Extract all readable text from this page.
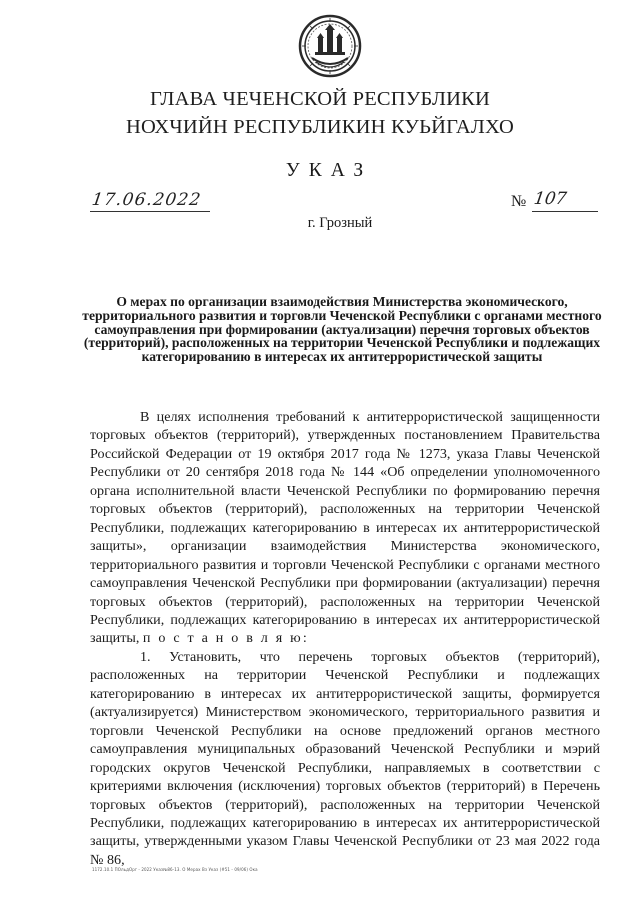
ГЛАВА ЧЕЧЕНСКОЙ РЕСПУБЛИКИ
НОХЧИЙН РЕСПУБЛИКИН КУЬЙГАЛХО
УКАЗ
17.06.2022	№ 107
г. Грозный
О мерах по организации взаимодействия Министерства экономического, территориального развития и торговли Чеченской Республики с органами местного самоуправления при формировании (актуализации) перечня торговых объектов (территорий), расположенных на территории Чеченской Республики и подлежащих категорированию в интересах их антитеррористической защиты

В целях исполнения требований к антитеррористической защищенности торговых объектов (территорий), утвержденных постановлением Правительства Российской Федерации от 19 октября 2017 года № 1273, указа Главы Чеченской Республики от 20 сентября 2018 года № 144 «Об определении уполномоченного органа исполнительной власти Чеченской Республики по формированию перечня торговых объектов (территорий), расположенных на территории Чеченской Республики, подлежащих категорированию в интересах их антитеррористической защиты», организации взаимодействия Министерства экономического, территориального развития и торговли Чеченской Республики с органами местного самоуправления Чеченской Республики при формировании (актуализации) перечня торговых объектов (территорий), расположенных на территории Чеченской Республики, подлежащих категорированию в интересах их антитеррористической защиты, п о с т а н о в л я ю:

1. Установить, что перечень торговых объектов (территорий), расположенных на территории Чеченской Республики и подлежащих категорированию в интересах их антитеррористической защиты, формируется (актуализируется) Министерством экономического, территориального развития и торговли Чеченской Республики на основе предложений органов местного самоуправления муниципальных образований Чеченской Республики и мэрий городских округов Чеченской Республики, направляемых в соответствии с критериями включения (исключения) торговых объектов (территорий) в Перечень торговых объектов (территорий), расположенных на территории Чеченской Республики, подлежащих категорированию в интересах их антитеррористической защиты, утвержденными указом Главы Чеченской Республики от 23 мая 2022 года № 86,

1172.10.1 ПОльдОрг - 2022 Указ№86-13. О Мерах Вз Указ (#51 - 09/06) Ока
